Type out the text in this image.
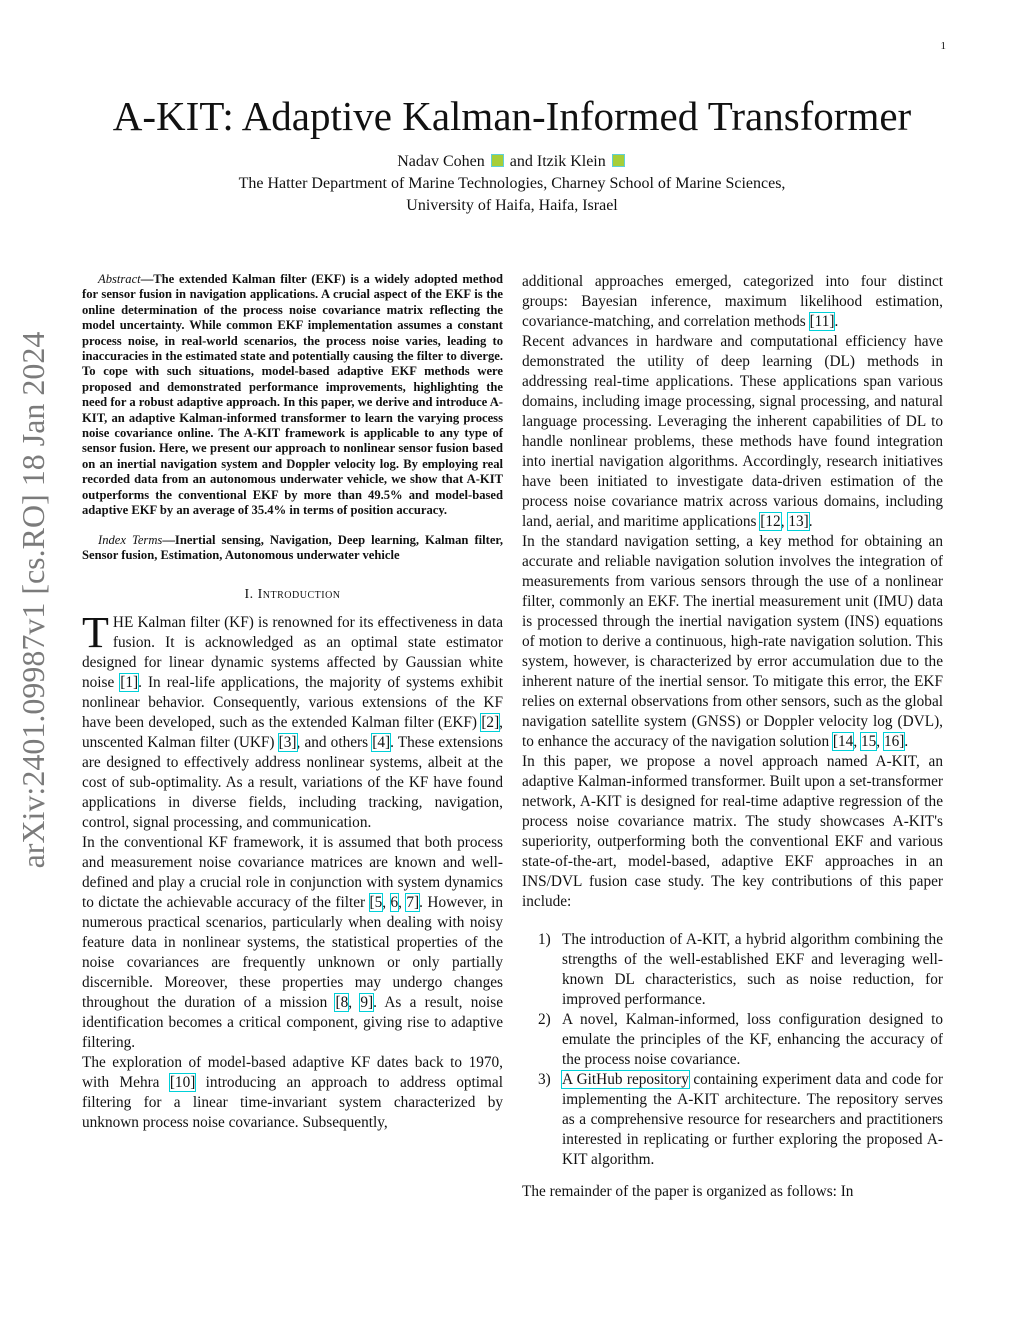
1
arXiv:2401.09987v1 [cs.RO] 18 Jan 2024
A-KIT: Adaptive Kalman-Informed Transformer
Nadav Cohen and Itzik Klein
The Hatter Department of Marine Technologies, Charney School of Marine Sciences,
University of Haifa, Haifa, Israel

Abstract—The extended Kalman filter (EKF) is a widely adopted method for sensor fusion in navigation applications. A crucial aspect of the EKF is the online determination of the process noise covariance matrix reflecting the model uncertainty. While common EKF implementation assumes a constant process noise, in real-world scenarios, the process noise varies, leading to inaccuracies in the estimated state and potentially causing the filter to diverge. To cope with such situations, model-based adaptive EKF methods were proposed and demonstrated performance improvements, highlighting the need for a robust adaptive approach. In this paper, we derive and introduce A-KIT, an adaptive Kalman-informed transformer to learn the varying process noise covariance online. The A-KIT framework is applicable to any type of sensor fusion. Here, we present our approach to nonlinear sensor fusion based on an inertial navigation system and Doppler velocity log. By employing real recorded data from an autonomous underwater vehicle, we show that A-KIT outperforms the conventional EKF by more than 49.5% and model-based adaptive EKF by an average of 35.4% in terms of position accuracy.

Index Terms—Inertial sensing, Navigation, Deep learning, Kalman filter, Sensor fusion, Estimation, Autonomous underwater vehicle

I. Introduction

THE Kalman filter (KF) is renowned for its effectiveness in data fusion. It is acknowledged as an optimal state estimator designed for linear dynamic systems affected by Gaussian white noise [1]. In real-life applications, the majority of systems exhibit nonlinear behavior. Consequently, various extensions of the KF have been developed, such as the extended Kalman filter (EKF) [2], unscented Kalman filter (UKF) [3], and others [4]. These extensions are designed to effectively address nonlinear systems, albeit at the cost of sub-optimality. As a result, variations of the KF have found applications in diverse fields, including tracking, navigation, control, signal processing, and communication.

In the conventional KF framework, it is assumed that both process and measurement noise covariance matrices are known and well-defined and play a crucial role in conjunction with system dynamics to dictate the achievable accuracy of the filter [5, 6, 7]. However, in numerous practical scenarios, particularly when dealing with noisy feature data in nonlinear systems, the statistical properties of the noise covariances are frequently unknown or only partially discernible. Moreover, these properties may undergo changes throughout the duration of a mission [8, 9]. As a result, noise identification becomes a critical component, giving rise to adaptive filtering.

The exploration of model-based adaptive KF dates back to 1970, with Mehra [10] introducing an approach to address optimal filtering for a linear time-invariant system characterized by unknown process noise covariance. Subsequently,

additional approaches emerged, categorized into four distinct groups: Bayesian inference, maximum likelihood estimation, covariance-matching, and correlation methods [11].

Recent advances in hardware and computational efficiency have demonstrated the utility of deep learning (DL) methods in addressing real-time applications. These applications span various domains, including image processing, signal processing, and natural language processing. Leveraging the inherent capabilities of DL to handle nonlinear problems, these methods have found integration into inertial navigation algorithms. Accordingly, research initiatives have been initiated to investigate data-driven estimation of the process noise covariance matrix across various domains, including land, aerial, and maritime applications [12, 13].

In the standard navigation setting, a key method for obtaining an accurate and reliable navigation solution involves the integration of measurements from various sensors through the use of a nonlinear filter, commonly an EKF. The inertial measurement unit (IMU) data is processed through the inertial navigation system (INS) equations of motion to derive a continuous, high-rate navigation solution. This system, however, is characterized by error accumulation due to the inherent nature of the inertial sensor. To mitigate this error, the EKF relies on external observations from other sensors, such as the global navigation satellite system (GNSS) or Doppler velocity log (DVL), to enhance the accuracy of the navigation solution [14, 15, 16].

In this paper, we propose a novel approach named A-KIT, an adaptive Kalman-informed transformer. Built upon a set-transformer network, A-KIT is designed for real-time adaptive regression of the process noise covariance matrix. The study showcases A-KIT's superiority, outperforming both the conventional EKF and various state-of-the-art, model-based, adaptive EKF approaches in an INS/DVL fusion case study. The key contributions of this paper include:

1) The introduction of A-KIT, a hybrid algorithm combining the strengths of the well-established EKF and leveraging well-known DL characteristics, such as noise reduction, for improved performance.
2) A novel, Kalman-informed, loss configuration designed to emulate the principles of the KF, enhancing the accuracy of the process noise covariance.
3) A GitHub repository containing experiment data and code for implementing the A-KIT architecture. The repository serves as a comprehensive resource for researchers and practitioners interested in replicating or further exploring the proposed A-KIT algorithm.

The remainder of the paper is organized as follows: In
